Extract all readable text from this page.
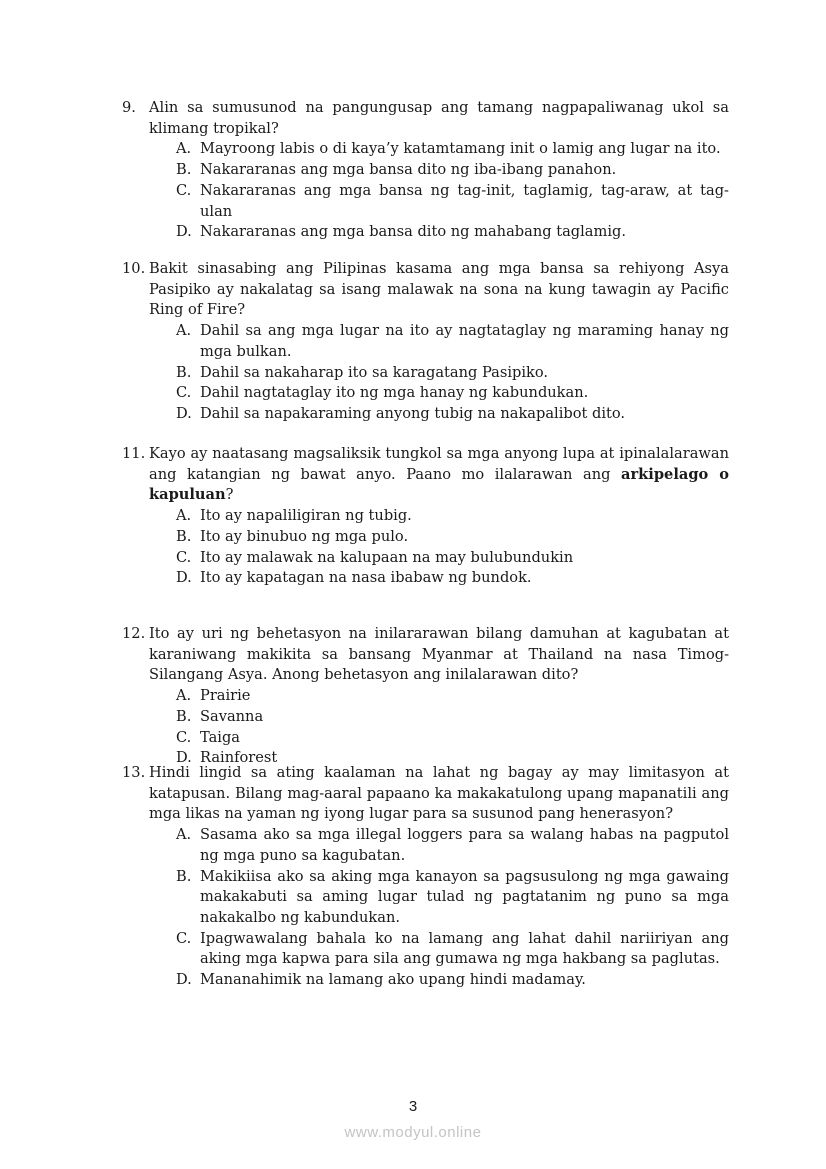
9. Alin sa sumusunod na pangungusap ang tamang nagpapaliwanag ukol sa klimang tropikal?
A. Mayroong labis o di kaya’y katamtamang init o lamig ang lugar na ito.
B. Nakararanas ang mga bansa dito ng iba-ibang panahon.
C. Nakararanas ang mga bansa ng tag-init, taglamig, tag-araw, at tag-ulan
D. Nakararanas ang mga bansa dito ng mahabang taglamig.
10. Bakit sinasabing ang Pilipinas kasama ang mga bansa sa rehiyong Asya Pasipiko ay nakalatag sa isang malawak na sona na kung tawagin ay Pacific Ring of Fire?
A. Dahil sa ang mga lugar na ito ay nagtataglay ng maraming hanay ng mga bulkan.
B. Dahil sa nakaharap ito sa karagatang Pasipiko.
C. Dahil nagtataglay ito ng mga hanay ng kabundukan.
D. Dahil sa napakaraming anyong tubig na nakapalibot dito.
11. Kayo ay naatasang magsaliksik tungkol sa mga anyong lupa at ipinalalarawan ang katangian ng bawat anyo. Paano mo ilalarawan ang arkipelago o kapuluan?
A. Ito ay napaliligiran ng tubig.
B. Ito ay binubuo ng mga pulo.
C. Ito ay malawak na kalupaan na may bulubundukin
D. Ito ay kapatagan na nasa ibabaw ng bundok.
12. Ito ay uri ng behetasyon na inilararawan bilang damuhan at kagubatan at karaniwang makikita sa bansang Myanmar at Thailand na nasa Timog-Silangang Asya. Anong behetasyon ang inilalarawan dito?
A. Prairie
B. Savanna
C. Taiga
D. Rainforest
13. Hindi lingid sa ating kaalaman na lahat ng bagay ay may limitasyon at katapusan. Bilang mag-aaral papaano ka makakatulong upang mapanatili ang mga likas na yaman ng iyong lugar para sa susunod pang henerasyon?
A. Sasama ako sa mga illegal loggers para sa walang habas na pagputol ng mga puno sa kagubatan.
B. Makikiisa ako sa aking mga kanayon sa pagsusulong ng mga gawaing makakabuti sa aming lugar tulad ng pagtatanim ng puno sa mga nakakalbo ng kabundukan.
C. Ipagwawalang bahala ko na lamang ang lahat dahil nariiriyan ang aking mga kapwa para sila ang gumawa ng mga hakbang sa paglutas.
D. Mananahimik na lamang ako upang hindi madamay.
3
www.modyul.online
